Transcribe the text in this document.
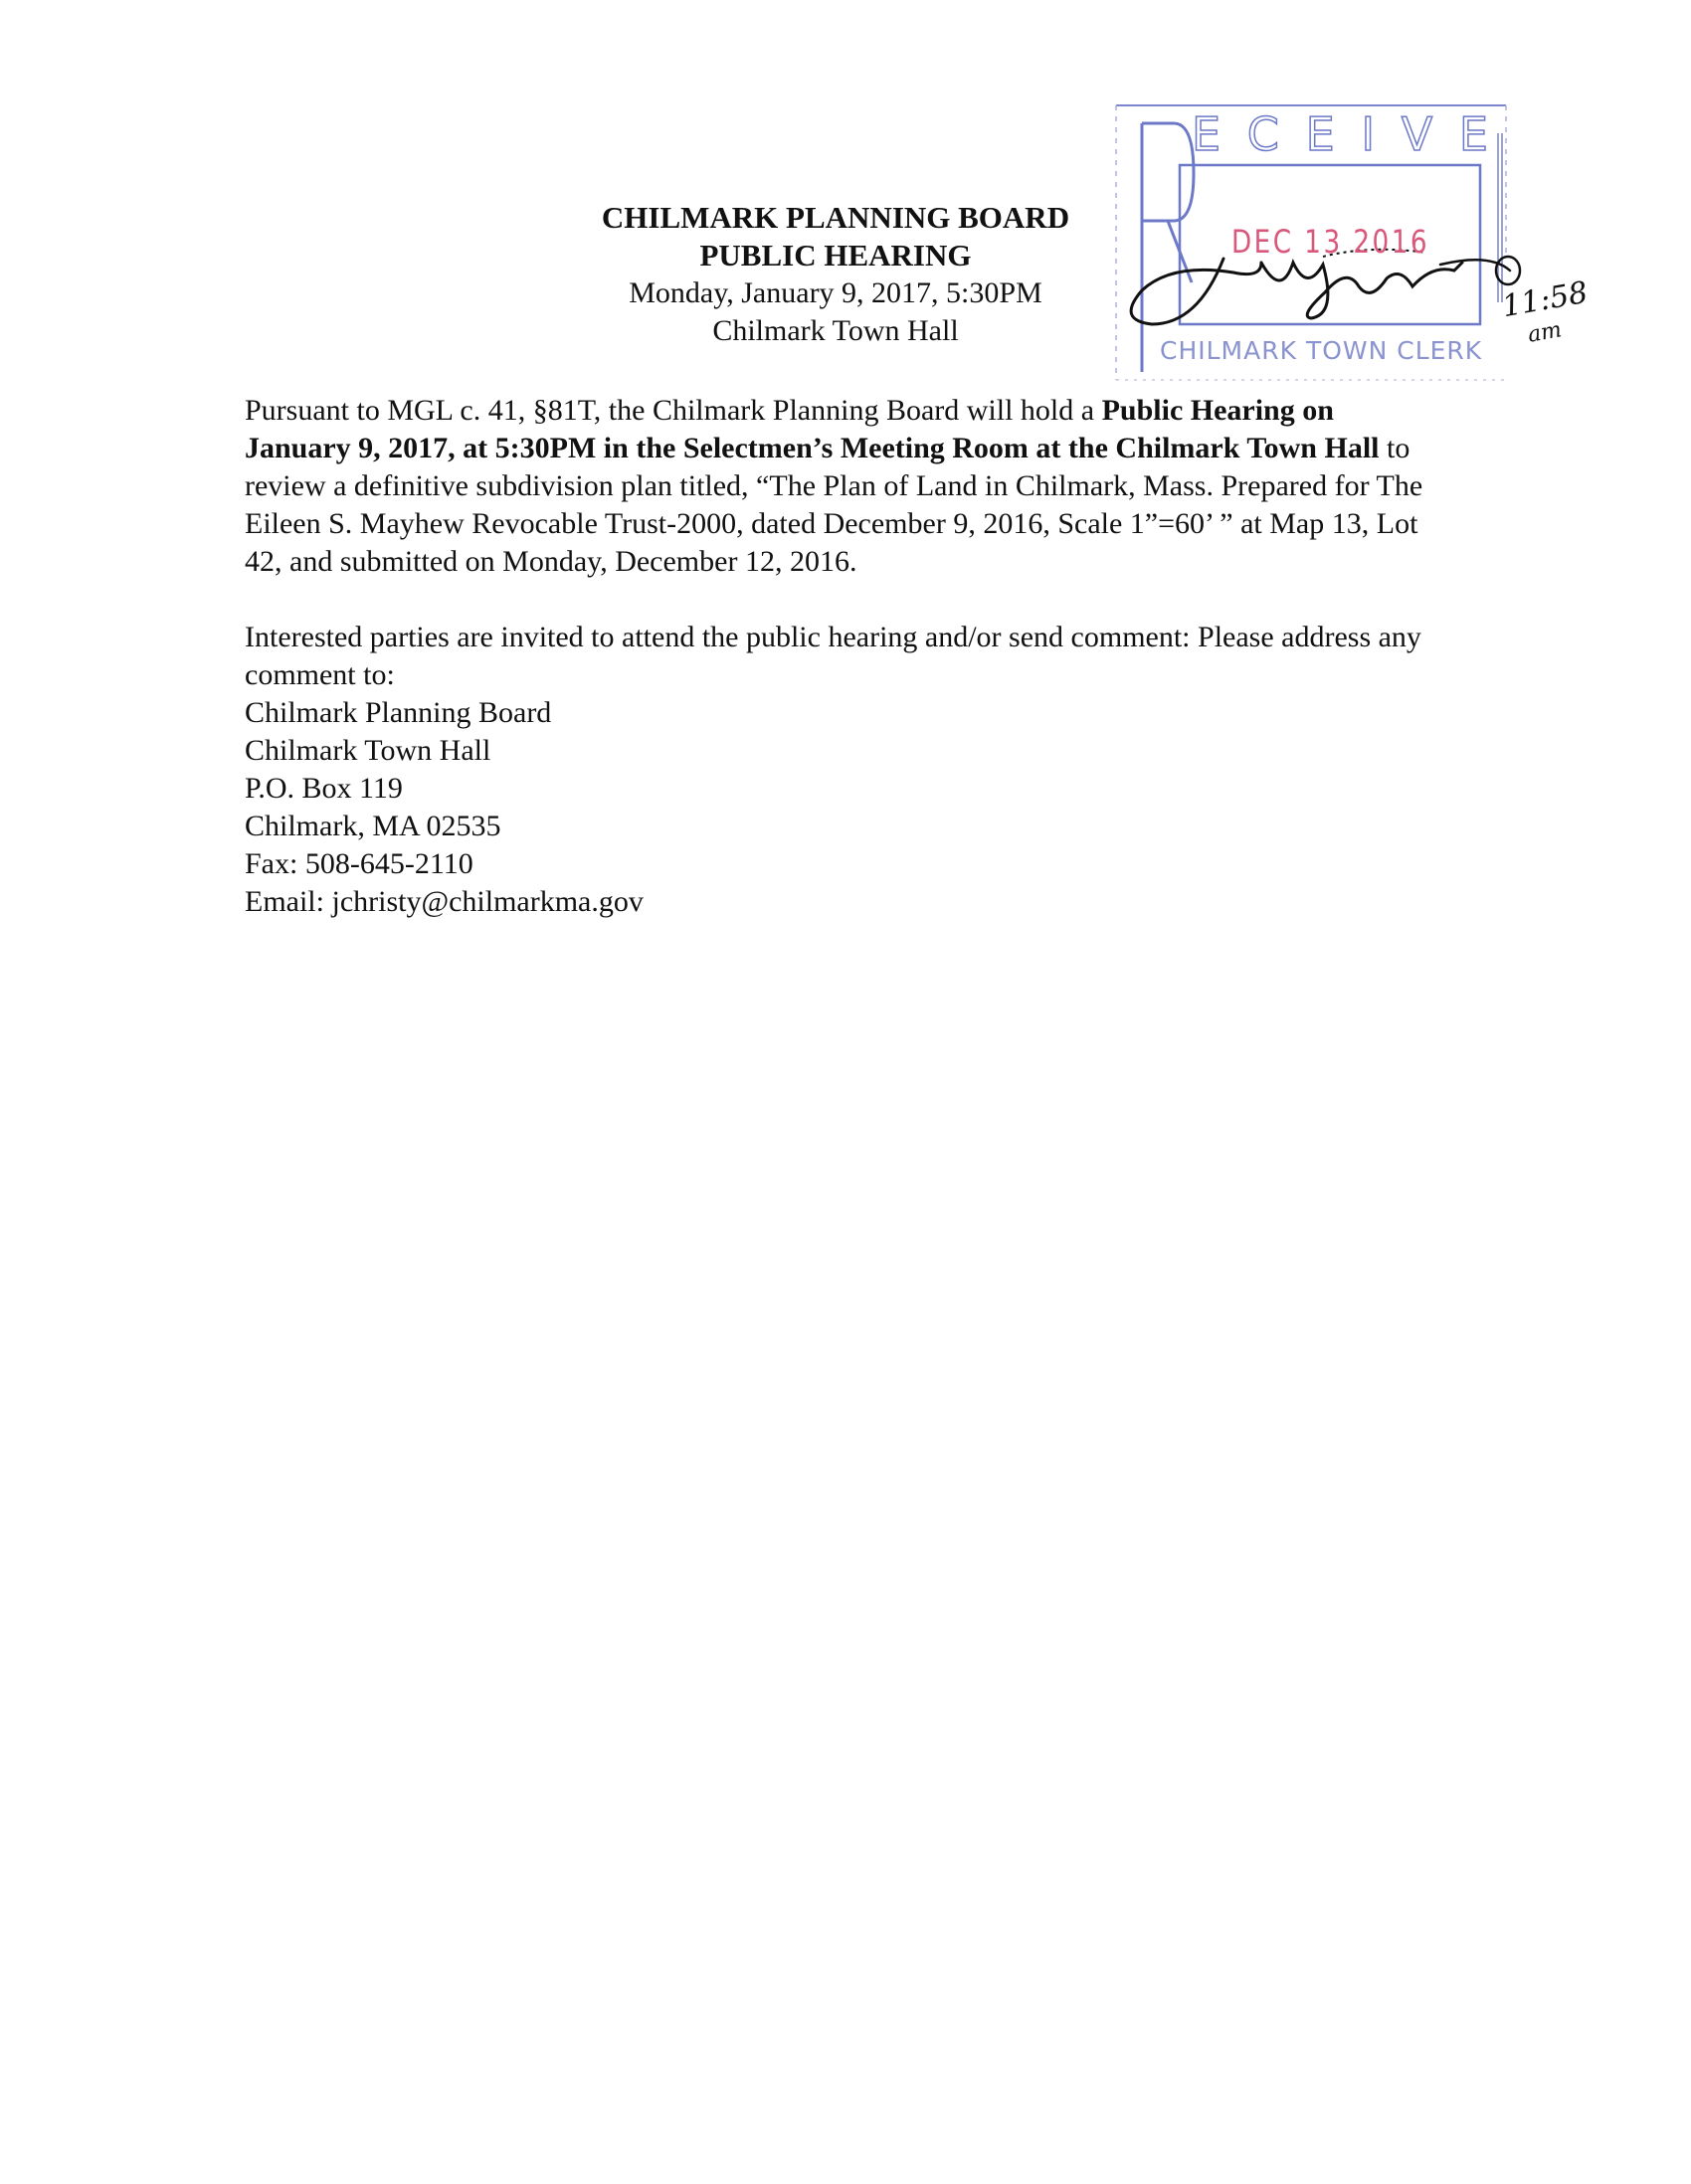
CHILMARK PLANNING BOARD
PUBLIC HEARING
Monday, January 9, 2017, 5:30PM
Chilmark Town Hall
E C E I V E
DEC 13 2016
CHILMARK TOWN CLERK
11:58
am

Pursuant to MGL c. 41, §81T, the Chilmark Planning Board will hold a Public Hearing on January 9, 2017, at 5:30PM in the Selectmen’s Meeting Room at the Chilmark Town Hall to review a definitive subdivision plan titled, “The Plan of Land in Chilmark, Mass. Prepared for The Eileen S. Mayhew Revocable Trust-2000, dated December 9, 2016, Scale 1”=60’ ” at Map 13, Lot 42, and submitted on Monday, December 12, 2016.

Interested parties are invited to attend the public hearing and/or send comment: Please address any comment to:
Chilmark Planning Board
Chilmark Town Hall
P.O. Box 119
Chilmark, MA 02535
Fax: 508-645-2110
Email: jchristy@chilmarkma.gov
